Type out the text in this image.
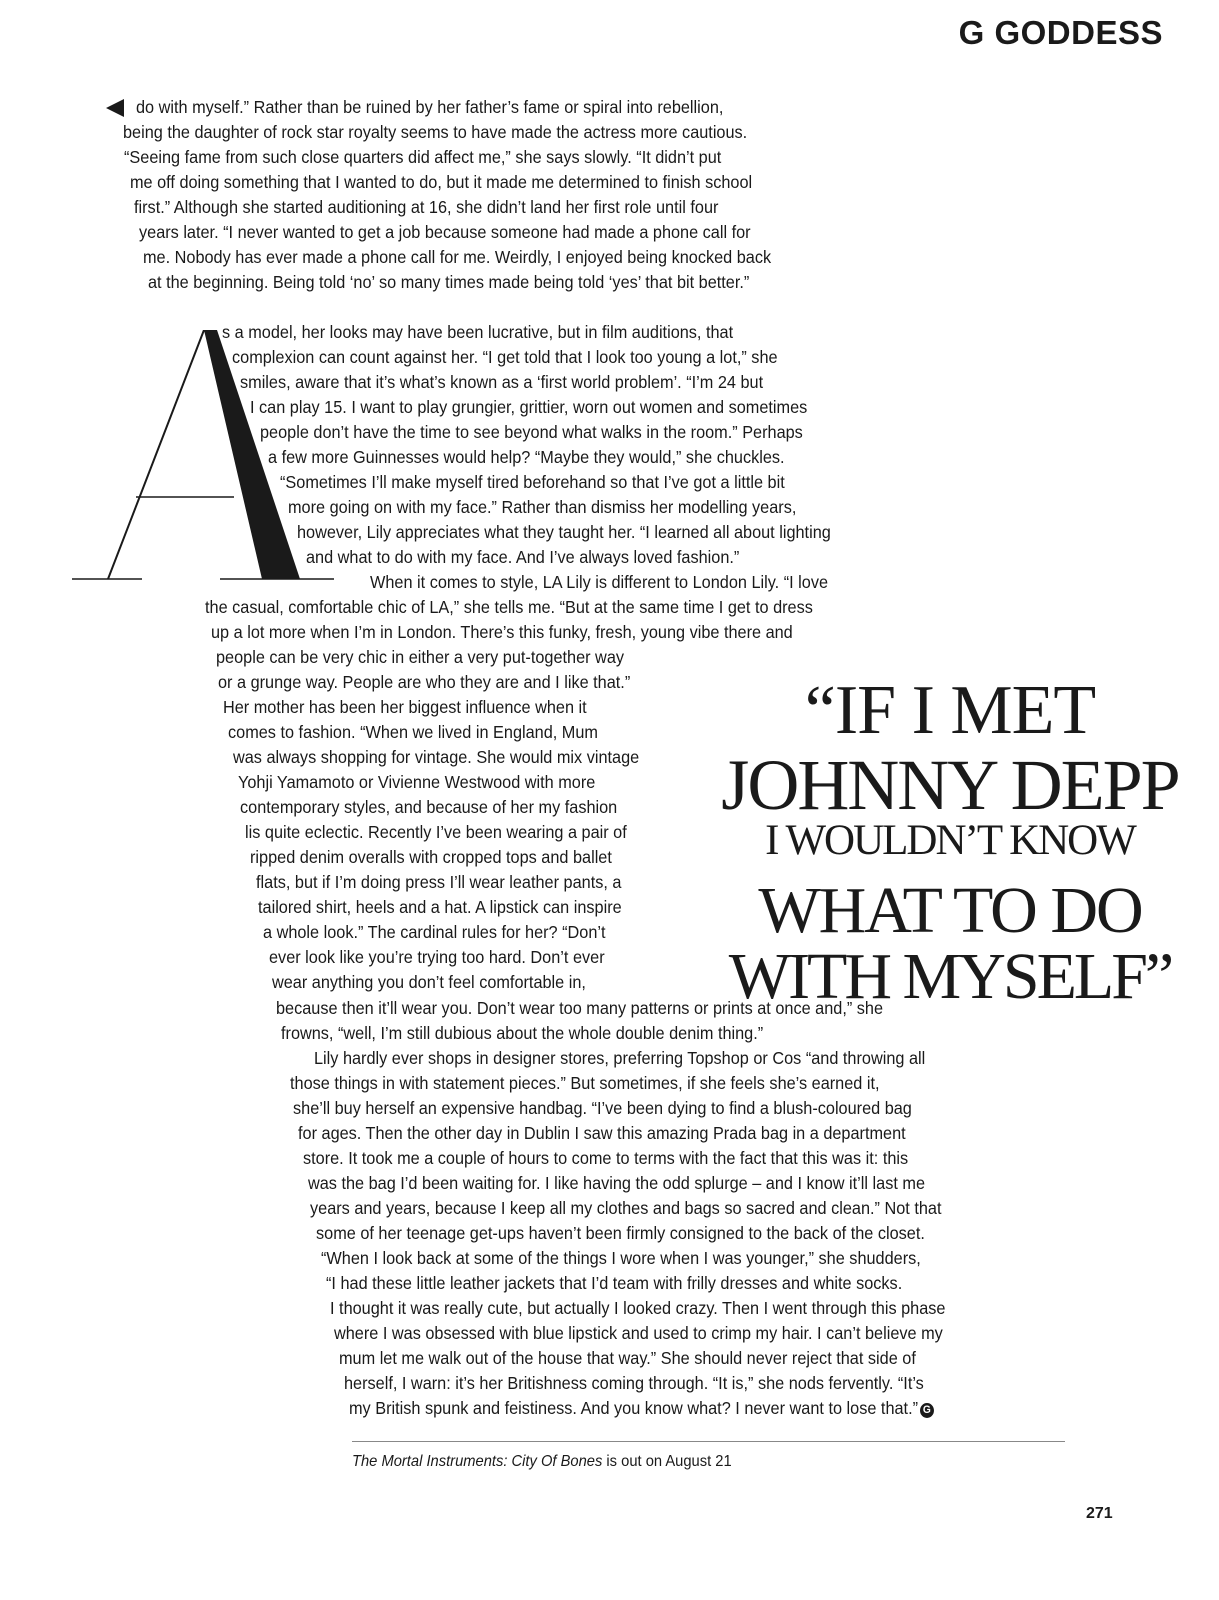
G GODDESS
do with myself.” Rather than be ruined by her father’s fame or spiral into rebellion,
being the daughter of rock star royalty seems to have made the actress more cautious.
“Seeing fame from such close quarters did affect me,” she says slowly. “It didn’t put
me off doing something that I wanted to do, but it made me determined to finish school
first.” Although she started auditioning at 16, she didn’t land her first role until four
years later. “I never wanted to get a job because someone had made a phone call for
me. Nobody has ever made a phone call for me. Weirdly, I enjoyed being knocked back
at the beginning. Being told ‘no’ so many times made being told ‘yes’ that bit better.”
s a model, her looks may have been lucrative, but in film auditions, that
complexion can count against her. “I get told that I look too young a lot,” she
smiles, aware that it’s what’s known as a ‘first world problem’. “I’m 24 but
I can play 15. I want to play grungier, grittier, worn out women and sometimes
people don’t have the time to see beyond what walks in the room.” Perhaps
a few more Guinnesses would help? “Maybe they would,” she chuckles.
“Sometimes I’ll make myself tired beforehand so that I’ve got a little bit
more going on with my face.” Rather than dismiss her modelling years,
however, Lily appreciates what they taught her. “I learned all about lighting
and what to do with my face. And I’ve always loved fashion.”
When it comes to style, LA Lily is different to London Lily. “I love
the casual, comfortable chic of LA,” she tells me. “But at the same time I get to dress
up a lot more when I’m in London. There’s this funky, fresh, young vibe there and
people can be very chic in either a very put-together way
or a grunge way. People are who they are and I like that.”
Her mother has been her biggest influence when it
comes to fashion. “When we lived in England, Mum
was always shopping for vintage. She would mix vintage
Yohji Yamamoto or Vivienne Westwood with more
contemporary styles, and because of her my fashion
lis quite eclectic. Recently I’ve been wearing a pair of
ripped denim overalls with cropped tops and ballet
flats, but if I’m doing press I’ll wear leather pants, a
tailored shirt, heels and a hat. A lipstick can inspire
a whole look.” The cardinal rules for her? “Don’t
ever look like you’re trying too hard. Don’t ever
wear anything you don’t feel comfortable in,
because then it’ll wear you. Don’t wear too many patterns or prints at once and,” she
frowns, “well, I’m still dubious about the whole double denim thing.”
Lily hardly ever shops in designer stores, preferring Topshop or Cos “and throwing all
those things in with statement pieces.” But sometimes, if she feels she’s earned it,
she’ll buy herself an expensive handbag. “I’ve been dying to find a blush-coloured bag
for ages. Then the other day in Dublin I saw this amazing Prada bag in a department
store. It took me a couple of hours to come to terms with the fact that this was it: this
was the bag I’d been waiting for. I like having the odd splurge – and I know it’ll last me
years and years, because I keep all my clothes and bags so sacred and clean.” Not that
some of her teenage get-ups haven’t been firmly consigned to the back of the closet.
“When I look back at some of the things I wore when I was younger,” she shudders,
“I had these little leather jackets that I’d team with frilly dresses and white socks.
I thought it was really cute, but actually I looked crazy. Then I went through this phase
where I was obsessed with blue lipstick and used to crimp my hair. I can’t believe my
mum let me walk out of the house that way.” She should never reject that side of
herself, I warn: it’s her Britishness coming through. “It is,” she nods fervently. “It’s
my British spunk and feistiness. And you know what? I never want to lose that.” G
“IF I MET
JOHNNY DEPP
I WOULDN’T KNOW
WHAT TO DO
WITH MYSELF”
The Mortal Instruments: City Of Bones is out on August 21
271
